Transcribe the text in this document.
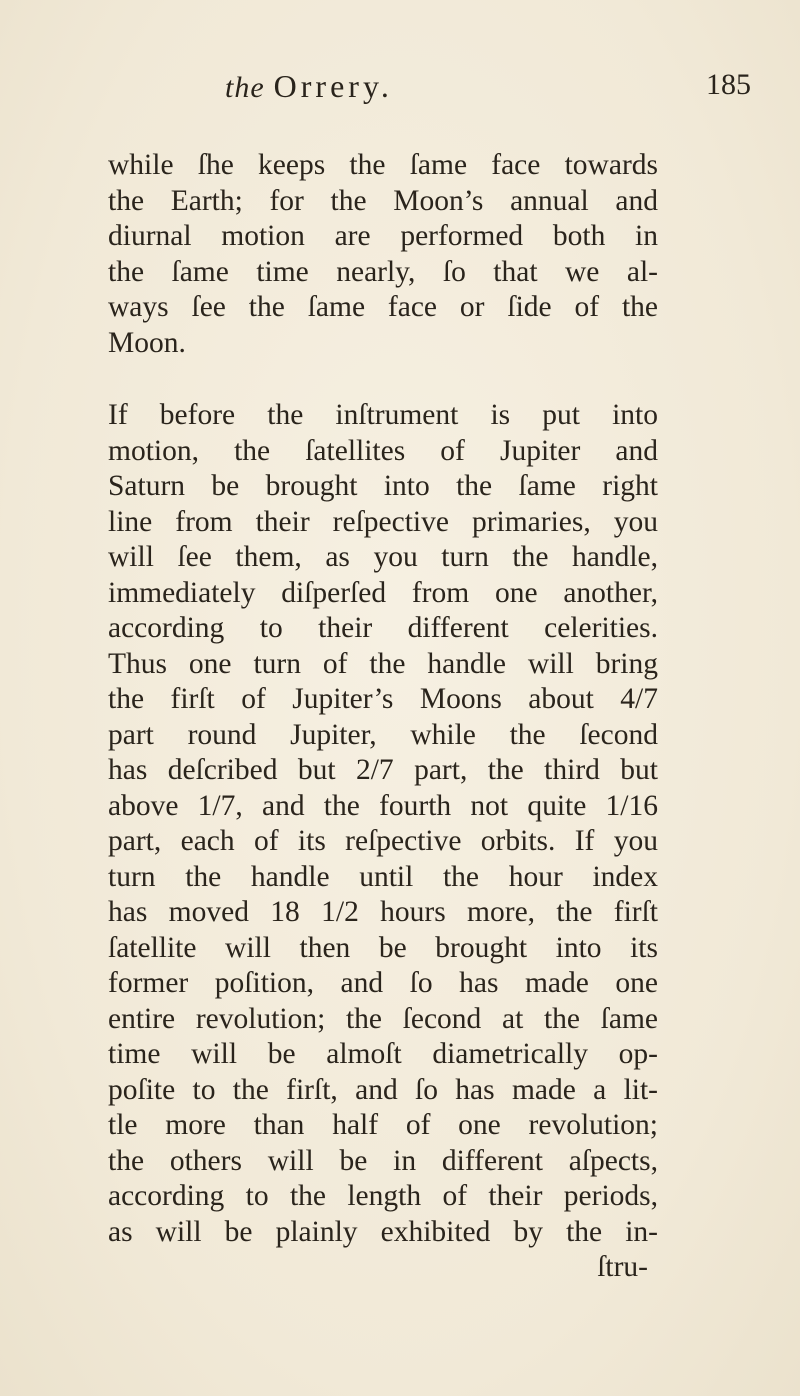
the Orrery.	185
while ſhe keeps the ſame face towards
the Earth; for the Moon’s annual and
diurnal motion are performed both in
the ſame time nearly, ſo that we al-
ways ſee the ſame face or ſide of the
Moon.
If before the inſtrument is put into
motion, the ſatellites of Jupiter and
Saturn be brought into the ſame right
line from their reſpective primaries, you
will ſee them, as you turn the handle,
immediately diſperſed from one another,
according to their different celerities.
Thus one turn of the handle will bring
the firſt of Jupiter’s Moons about 4/7
part round Jupiter, while the ſecond
has deſcribed but 2/7 part, the third but
above 1/7, and the fourth not quite 1/16
part, each of its reſpective orbits. If you
turn the handle until the hour index
has moved 18 1/2 hours more, the firſt
ſatellite will then be brought into its
former poſition, and ſo has made one
entire revolution; the ſecond at the ſame
time will be almoſt diametrically op-
poſite to the firſt, and ſo has made a lit-
tle more than half of one revolution;
the others will be in different aſpects,
according to the length of their periods,
as will be plainly exhibited by the in-
ſtru-
